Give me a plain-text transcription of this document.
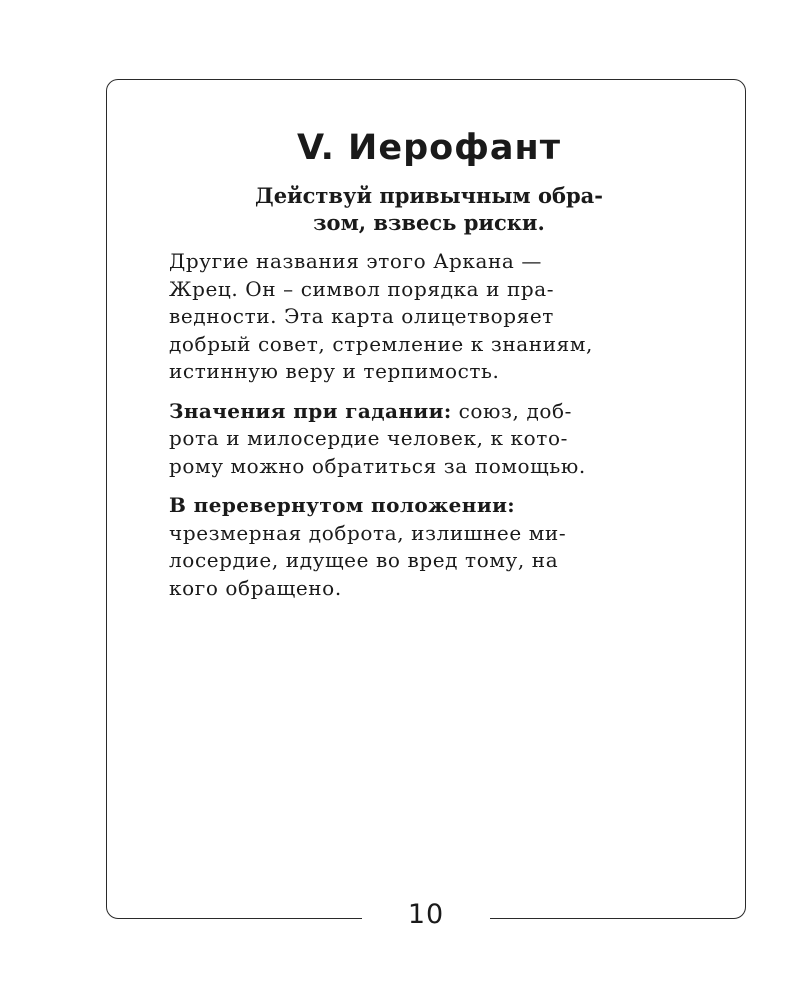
10
V. Иерофант
Действуй привычным обра-
зом, взвесь риски.
Другие названия этого Аркана —
Жрец. Он – символ порядка и пра-
ведности. Эта карта олицетворяет
добрый совет, стремление к знаниям,
истинную веру и терпимость.
Значения при гадании: союз, доб-
рота и милосердие человек, к кото-
рому можно обратиться за помощью.
В перевернутом положении:
чрезмерная доброта, излишнее ми-
лосердие, идущее во вред тому, на
кого обращено.
